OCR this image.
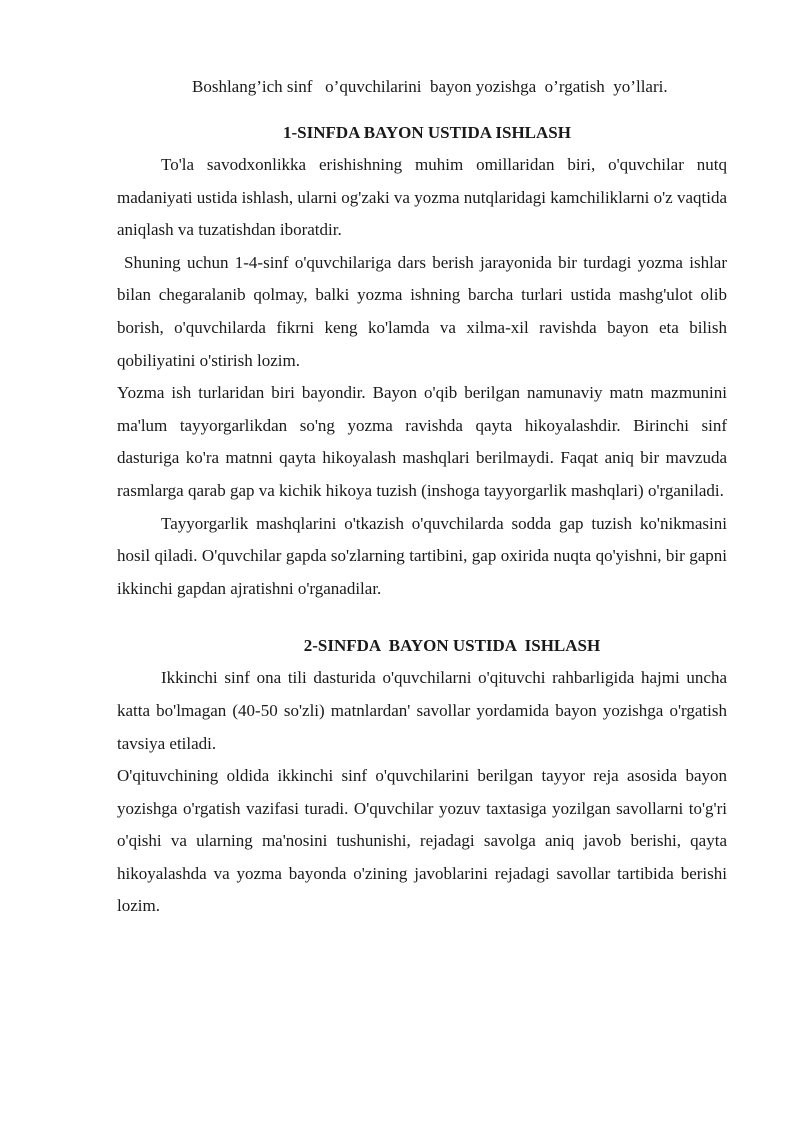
Boshlang’ich sinf   o’quvchilarini  bayon yozishga  o’rgatish  yo’llari.
1-SINFDA BAYON USTIDA ISHLASH

To'la savodxonlikka erishishning muhim omillaridan biri, o'quvchilar nutq madaniyati ustida ishlash, ularni og'zaki va yozma nutqlaridagi kamchiliklarni o'z vaqtida aniqlash va tuzatishdan iboratdir.

Shuning uchun 1-4-sinf o'quvchilariga dars berish jarayonida bir turdagi yozma ishlar bilan chegaralanib qolmay, balki yozma ishning barcha turlari ustida mashg'ulot olib borish, o'quvchilarda fikrni keng ko'lamda va xilma-xil ravishda bayon eta bilish qobiliyatini o'stirish lozim.

Yozma ish turlaridan biri bayondir. Bayon o'qib berilgan namunaviy matn mazmunini ma'lum tayyorgarlikdan so'ng yozma ravishda qayta hikoyalashdir. Birinchi sinf dasturiga ko'ra matnni qayta hikoyalash mashqlari berilmaydi. Faqat aniq bir mavzuda rasmlarga qarab gap va kichik hikoya tuzish (inshoga tayyorgarlik mashqlari) o'rganiladi.

Tayyorgarlik mashqlarini o'tkazish o'quvchilarda sodda gap tuzish ko'nikmasini hosil qiladi. O'quvchilar gapda so'zlarning tartibini, gap oxirida nuqta qo'yishni, bir gapni ikkinchi gapdan ajratishni o'rganadilar.

2-SINFDA  BAYON USTIDA  ISHLASH

Ikkinchi sinf ona tili dasturida o'quvchilarni o'qituvchi rahbarligida hajmi uncha katta bo'lmagan (40-50 so'zli) matnlardan' savollar yordamida bayon yozishga o'rgatish tavsiya etiladi.

O'qituvchining oldida ikkinchi sinf o'quvchilarini berilgan tayyor reja asosida bayon yozishga o'rgatish vazifasi turadi. O'quvchilar yozuv taxtasiga yozilgan savollarni to'g'ri o'qishi va ularning ma'nosini tushunishi, rejadagi savolga aniq javob berishi, qayta hikoyalashda va yozma bayonda o'zining javoblarini rejadagi savollar tartibida berishi lozim.
